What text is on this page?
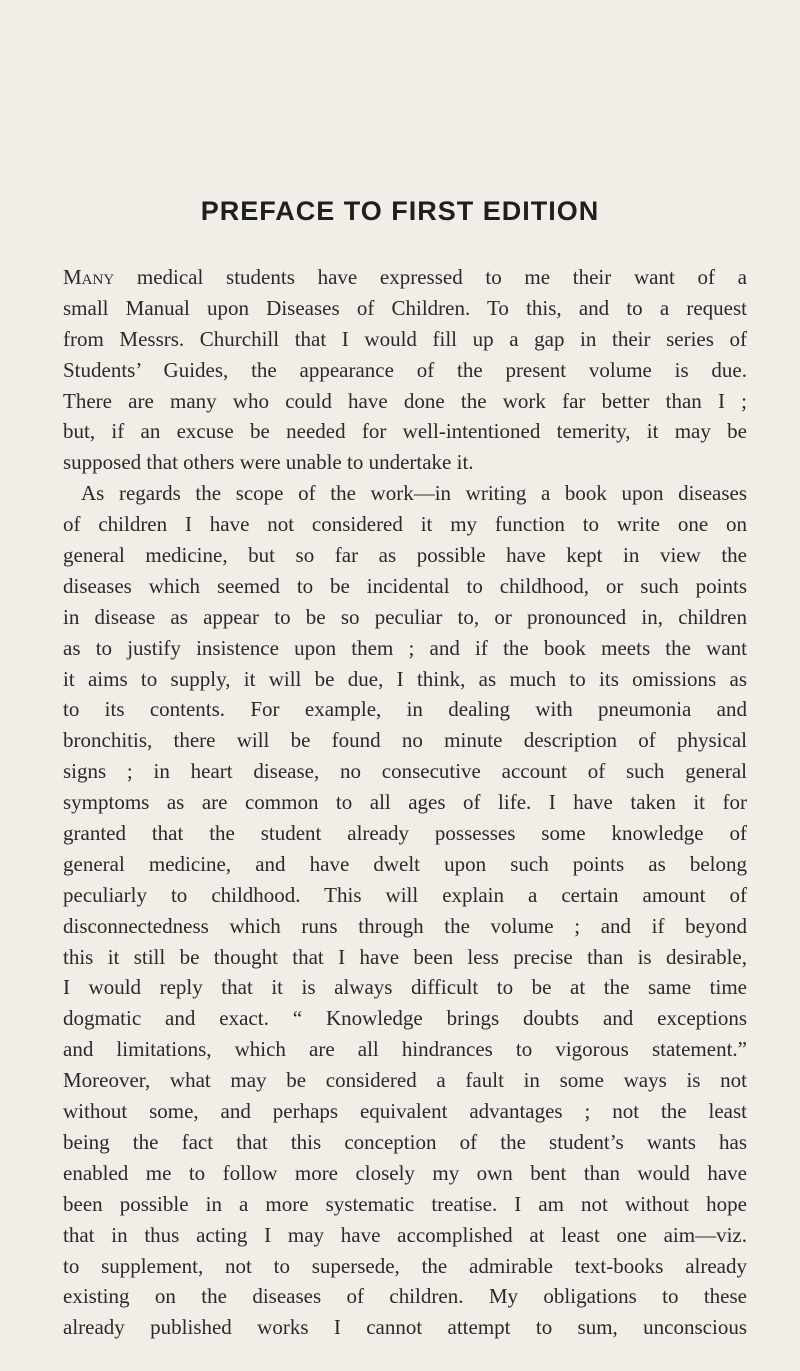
PREFACE TO FIRST EDITION
Many medical students have expressed to me their want of a
small Manual upon Diseases of Children. To this, and to a request
from Messrs. Churchill that I would fill up a gap in their series of
Students’ Guides, the appearance of the present volume is due.
There are many who could have done the work far better than I ;
but, if an excuse be needed for well-intentioned temerity, it may be
supposed that others were unable to undertake it.
As regards the scope of the work—in writing a book upon diseases
of children I have not considered it my function to write one on
general medicine, but so far as possible have kept in view the
diseases which seemed to be incidental to childhood, or such points
in disease as appear to be so peculiar to, or pronounced in, children
as to justify insistence upon them ; and if the book meets the want
it aims to supply, it will be due, I think, as much to its omissions as
to its contents. For example, in dealing with pneumonia and
bronchitis, there will be found no minute description of physical
signs ; in heart disease, no consecutive account of such general
symptoms as are common to all ages of life. I have taken it for
granted that the student already possesses some knowledge of
general medicine, and have dwelt upon such points as belong
peculiarly to childhood. This will explain a certain amount of
disconnectedness which runs through the volume ; and if beyond
this it still be thought that I have been less precise than is desirable,
I would reply that it is always difficult to be at the same time
dogmatic and exact. “ Knowledge brings doubts and exceptions
and limitations, which are all hindrances to vigorous statement.”
Moreover, what may be considered a fault in some ways is not
without some, and perhaps equivalent advantages ; not the least
being the fact that this conception of the student’s wants has
enabled me to follow more closely my own bent than would have
been possible in a more systematic treatise. I am not without hope
that in thus acting I may have accomplished at least one aim—viz.
to supplement, not to supersede, the admirable text-books already
existing on the diseases of children. My obligations to these
already published works I cannot attempt to sum, unconscious
